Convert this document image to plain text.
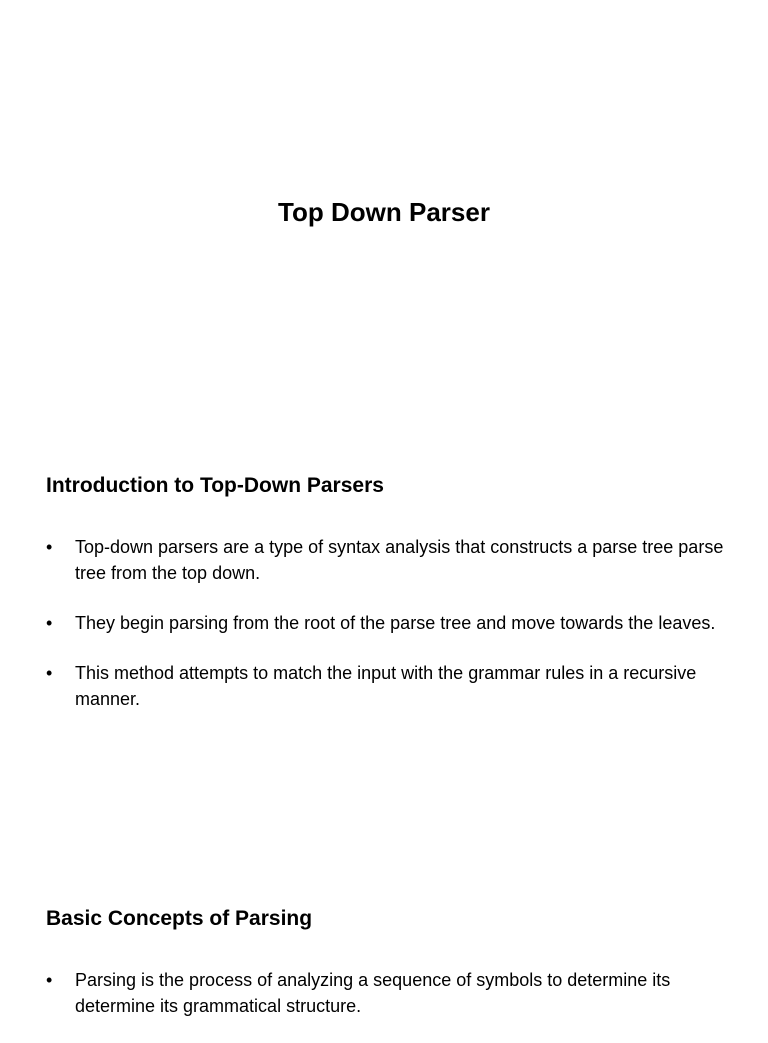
Top Down Parser
Introduction to Top-Down Parsers
•	Top-down parsers are a type of syntax analysis that constructs a parse tree parse tree from the top down.
•	They begin parsing from the root of the parse tree and move towards the leaves.
•	This method attempts to match the input with the grammar rules in a recursive manner.
Basic Concepts of Parsing
•	Parsing is the process of analyzing a sequence of symbols to determine its determine its grammatical structure.
